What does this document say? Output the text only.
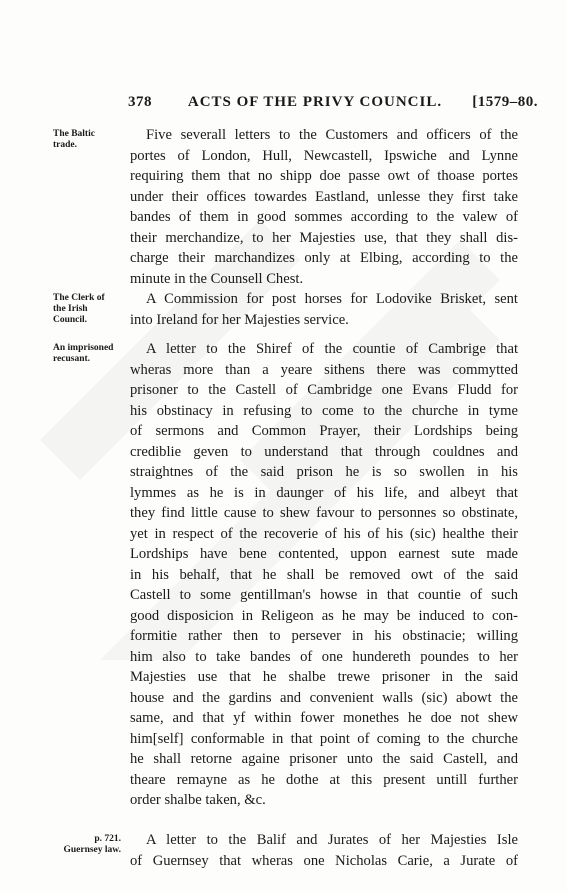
378	ACTS OF THE PRIVY COUNCIL.	[1579–80.
The Baltic
trade.
Five severall letters to the Customers and officers of the
portes of London, Hull, Newcastell, Ipswiche and Lynne
requiring them that no shipp doe passe owt of thoase portes
under their offices towardes Eastland, unlesse they first take
bandes of them in good sommes according to the valew of
their merchandize, to her Majesties use, that they shall dis-
charge their marchandizes only at Elbing, according to the
minute in the Counsell Chest.
The Clerk of
the Irish
Council.
A Commission for post horses for Lodovike Brisket, sent
into Ireland for her Majesties service.
An imprisoned
recusant.
A letter to the Shiref of the countie of Cambrige that
wheras more than a yeare sithens there was commytted
prisoner to the Castell of Cambridge one Evans Fludd for
his obstinacy in refusing to come to the churche in tyme
of sermons and Common Prayer, their Lordships being
crediblie geven to understand that through couldnes and
straightnes of the said prison he is so swollen in his
lymmes as he is in daunger of his life, and albeyt that
they find little cause to shew favour to personnes so obstinate,
yet in respect of the recoverie of his of his (sic) healthe their
Lordships have bene contented, uppon earnest sute made
in his behalf, that he shall be removed owt of the said
Castell to some gentillman's howse in that countie of such
good disposicion in Religeon as he may be induced to con-
formitie rather then to persever in his obstinacie; willing
him also to take bandes of one hundereth poundes to her
Majesties use that he shalbe trewe prisoner in the said
house and the gardins and convenient walls (sic) abowt the
same, and that yf within fower monethes he doe not shew
him[self] conformable in that point of coming to the churche
he shall retorne againe prisoner unto the said Castell, and
theare remayne as he dothe at this present untill further
order shalbe taken, &c.
p. 721.
Guernsey law.
A letter to the Balif and Jurates of her Majesties Isle
of Guernsey that wheras one Nicholas Carie, a Jurate of
